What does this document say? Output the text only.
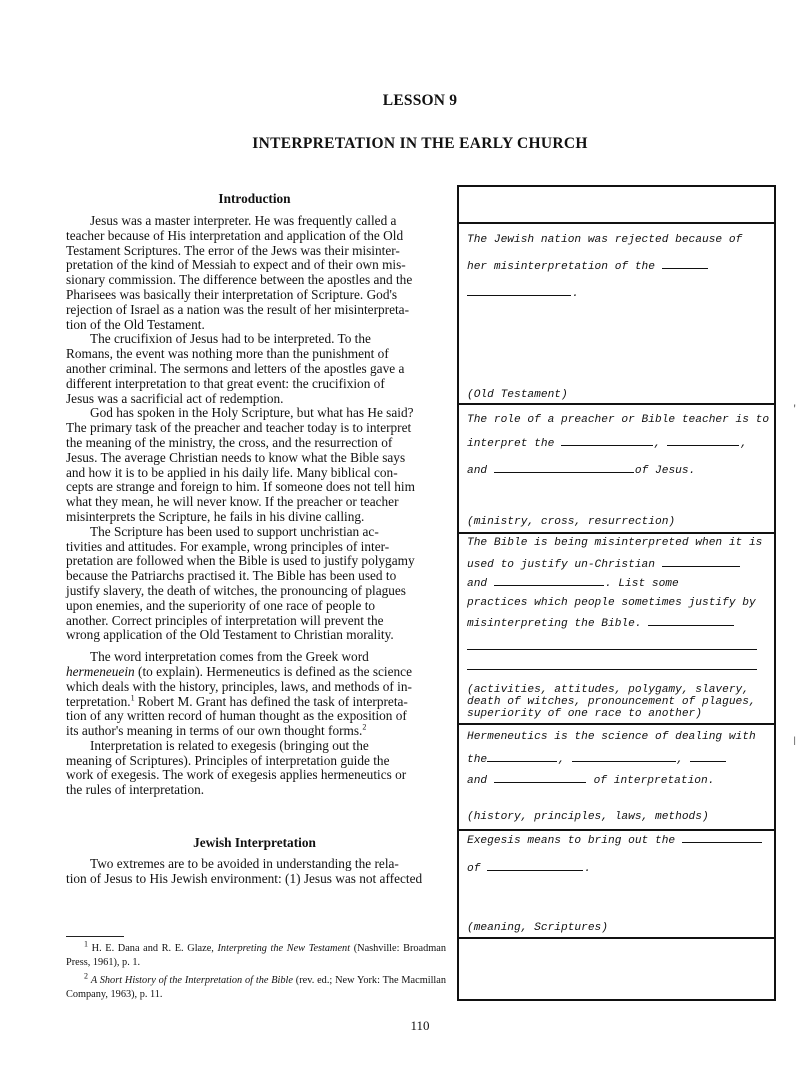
LESSON 9
INTERPRETATION IN THE EARLY CHURCH
Introduction
Jesus was a master interpreter. He was frequently called a
teacher because of His interpretation and application of the Old
Testament Scriptures. The error of the Jews was their misinter-
pretation of the kind of Messiah to expect and of their own mis-
sionary commission. The difference between the apostles and the
Pharisees was basically their interpretation of Scripture. God's
rejection of Israel as a nation was the result of her misinterpreta-
tion of the Old Testament.
The crucifixion of Jesus had to be interpreted. To the
Romans, the event was nothing more than the punishment of
another criminal. The sermons and letters of the apostles gave a
different interpretation to that great event: the crucifixion of
Jesus was a sacrificial act of redemption.
God has spoken in the Holy Scripture, but what has He said?
The primary task of the preacher and teacher today is to interpret
the meaning of the ministry, the cross, and the resurrection of
Jesus. The average Christian needs to know what the Bible says
and how it is to be applied in his daily life. Many biblical con-
cepts are strange and foreign to him. If someone does not tell him
what they mean, he will never know. If the preacher or teacher
misinterprets the Scripture, he fails in his divine calling.
The Scripture has been used to support unchristian ac-
tivities and attitudes. For example, wrong principles of inter-
pretation are followed when the Bible is used to justify polygamy
because the Patriarchs practised it. The Bible has been used to
justify slavery, the death of witches, the pronouncing of plagues
upon enemies, and the superiority of one race of people to
another. Correct principles of interpretation will prevent the
wrong application of the Old Testament to Christian morality.
The word interpretation comes from the Greek word
hermeneuein (to explain). Hermeneutics is defined as the science
which deals with the history, principles, laws, and methods of in-
terpretation.$^1$ Robert M. Grant has defined the task of interpreta-
tion of any written record of human thought as the exposition of
its author's meaning in terms of our own thought forms.$^2$
Interpretation is related to exegesis (bringing out the
meaning of Scriptures). Principles of interpretation guide the
work of exegesis. The work of exegesis applies hermeneutics or
the rules of interpretation.
Jewish Interpretation
Two extremes are to be avoided in understanding the rela-
tion of Jesus to His Jewish environment: (1) Jesus was not affected

$^1$ H. E. Dana and R. E. Glaze, Interpreting the New Testament (Nashville: Broadman Press, 1961), p. 1.

$^2$ A Short History of the Interpretation of the Bible (rev. ed.; New York: The Macmillan Company, 1963), p. 11.

110
The Jewish nation was rejected because of
her misinterpretation of the
.
(Old Testament)
The role of a preacher or Bible teacher is to
interpret the	,	,
and	of Jesus.
(ministry, cross, resurrection)
The Bible is being misinterpreted when it is
used to justify un-Christian
and	. List some
practices which people sometimes justify by
misinterpreting the Bible.
(activities, attitudes, polygamy, slavery,
death of witches, pronouncement of plagues,
superiority of one race to another)
Hermeneutics is the science of dealing with
the	,	,
and	of interpretation.
(history, principles, laws, methods)
Exegesis means to bring out the
of	.
(meaning, Scriptures)
'
|
